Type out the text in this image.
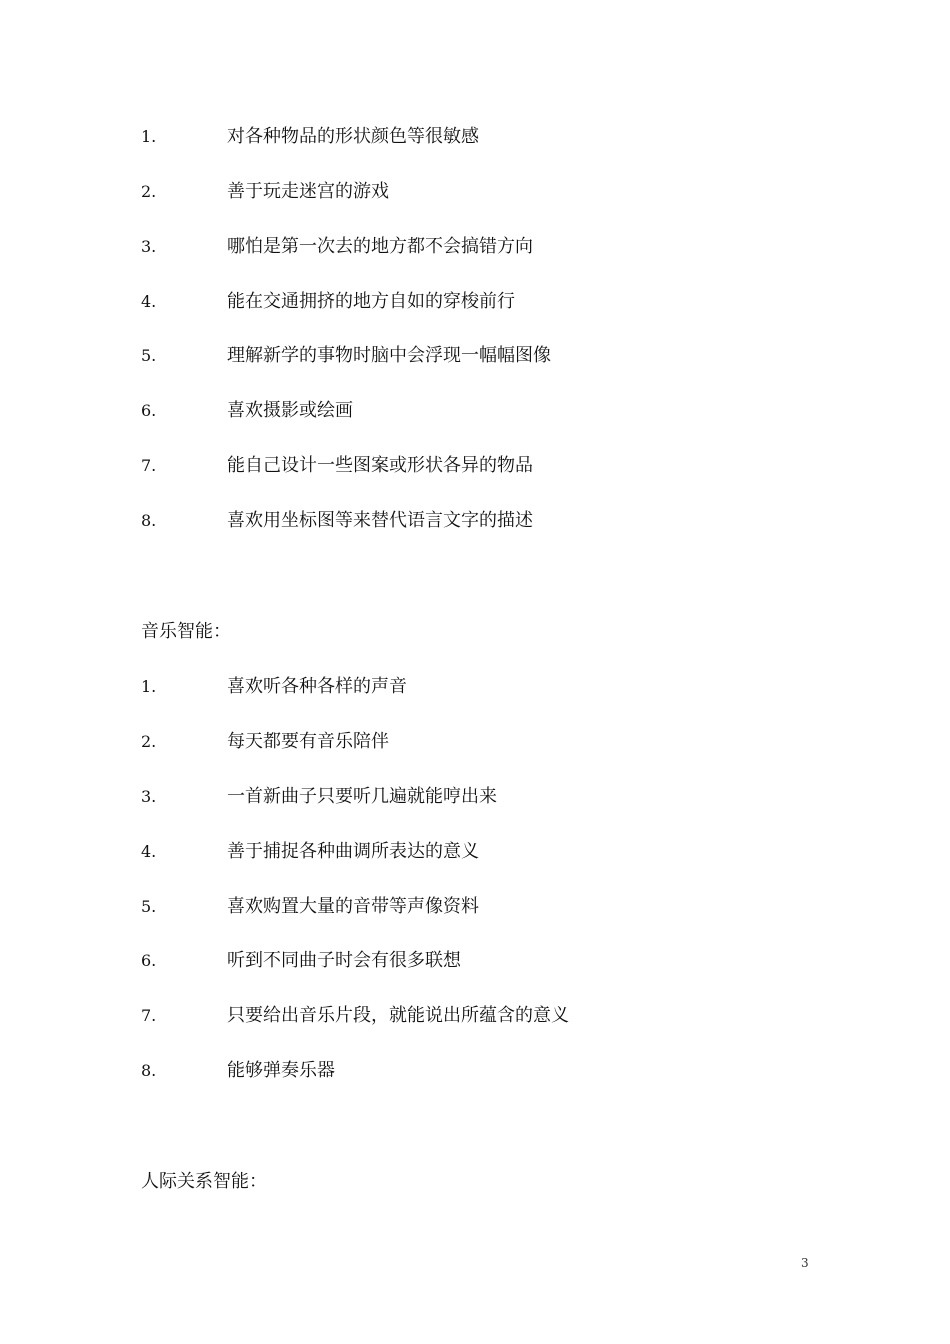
1.	对各种物品的形状颜色等很敏感
2.	善于玩走迷宫的游戏
3.	哪怕是第一次去的地方都不会搞错方向
4.	能在交通拥挤的地方自如的穿梭前行
5.	理解新学的事物时脑中会浮现一幅幅图像
6.	喜欢摄影或绘画
7.	能自己设计一些图案或形状各异的物品
8.	喜欢用坐标图等来替代语言文字的描述
音乐智能：
1.	喜欢听各种各样的声音
2.	每天都要有音乐陪伴
3.	一首新曲子只要听几遍就能哼出来
4.	善于捕捉各种曲调所表达的意义
5.	喜欢购置大量的音带等声像资料
6.	听到不同曲子时会有很多联想
7.	只要给出音乐片段，就能说出所蕴含的意义
8.	能够弹奏乐器
人际关系智能：
3
